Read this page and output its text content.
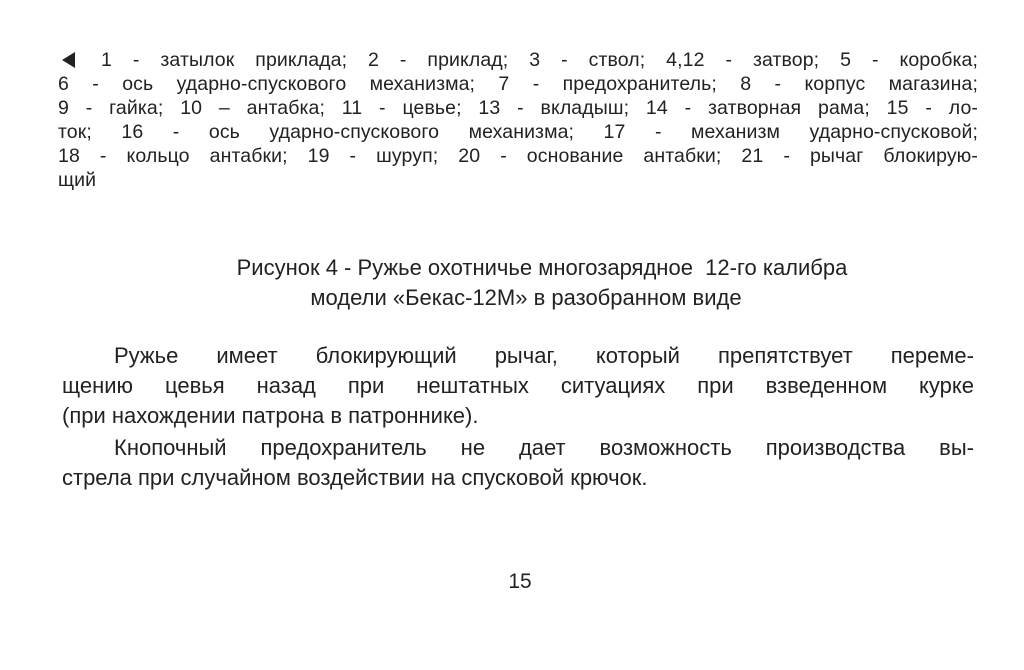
1 - затылок приклада; 2 - приклад; 3 - ствол; 4,12 - затвор; 5 - коробка;
6 - ось ударно-спускового механизма; 7 - предохранитель; 8 - корпус магазина;
9 - гайка; 10 – антабка; 11 - цевье; 13 - вкладыш; 14 - затворная рама; 15 - ло-
ток; 16 - ось ударно-спускового механизма; 17 - механизм ударно-спусковой;
18 - кольцо антабки; 19 - шуруп; 20 - основание антабки; 21 - рычаг блокирую-
щий
Рисунок 4 - Ружье охотничье многозарядное  12-го калибра
модели «Бекас-12М» в разобранном виде
Ружье имеет блокирующий рычаг, который препятствует переме-
щению цевья назад при нештатных ситуациях при взведенном курке
(при нахождении патрона в патроннике).
Кнопочный предохранитель не дает возможность производства вы-
стрела при случайном воздействии на спусковой крючок.
15
